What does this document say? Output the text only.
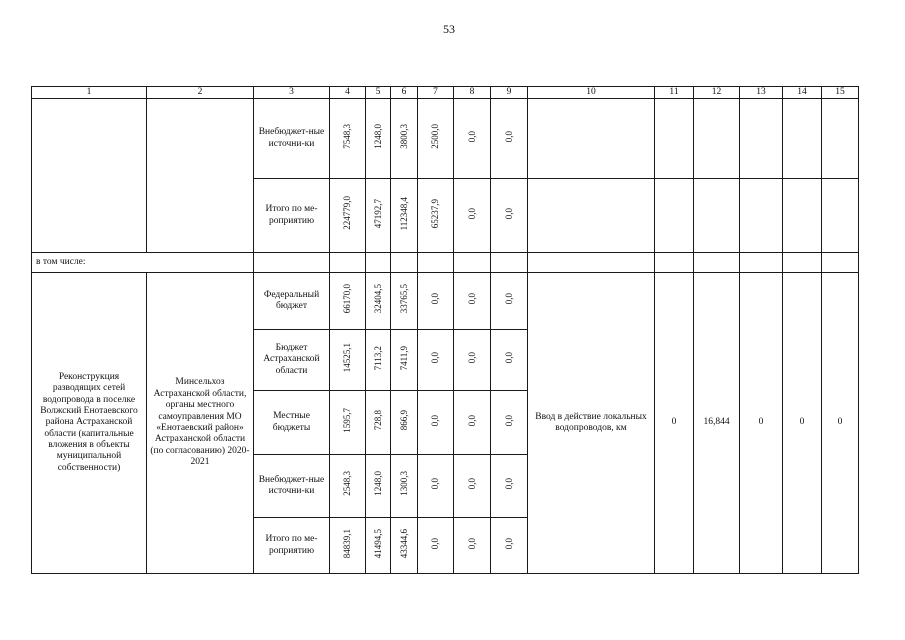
53
1	2	3	4	5	6	7	8	9	10	11	12	13	14	15
		Внебюджет-ные источни-ки	7548,3	1248,0	3800,3	2500,0	0,0	0,0						
		Итого по ме-роприятию	224779,0	47192,7	112348,4	65237,9	0,0	0,0						
в том числе:														
Реконструкция разводящих сетей водопровода в поселке Волжский Енотаевского района Астраханской области (капитальные вложения в объекты муниципальной собственности)	Минсельхоз Астраханской области, органы местного самоуправления МО «Енотаевский район» Астраханской области (по согласованию) 2020-2021	Федеральный бюджет	66170,0	32404,5	33765,5	0,0	0,0	0,0	Ввод в действие локальных водопроводов, км	0	16,844	0	0	0
		Бюджет Астраханской области	14525,1	7113,2	7411,9	0,0	0,0	0,0						
		Местные бюджеты	1595,7	728,8	866,9	0,0	0,0	0,0						
		Внебюджет-ные источни-ки	2548,3	1248,0	1300,3	0,0	0,0	0,0						
		Итого по ме-роприятию	84839,1	41494,5	43344,6	0,0	0,0	0,0						
